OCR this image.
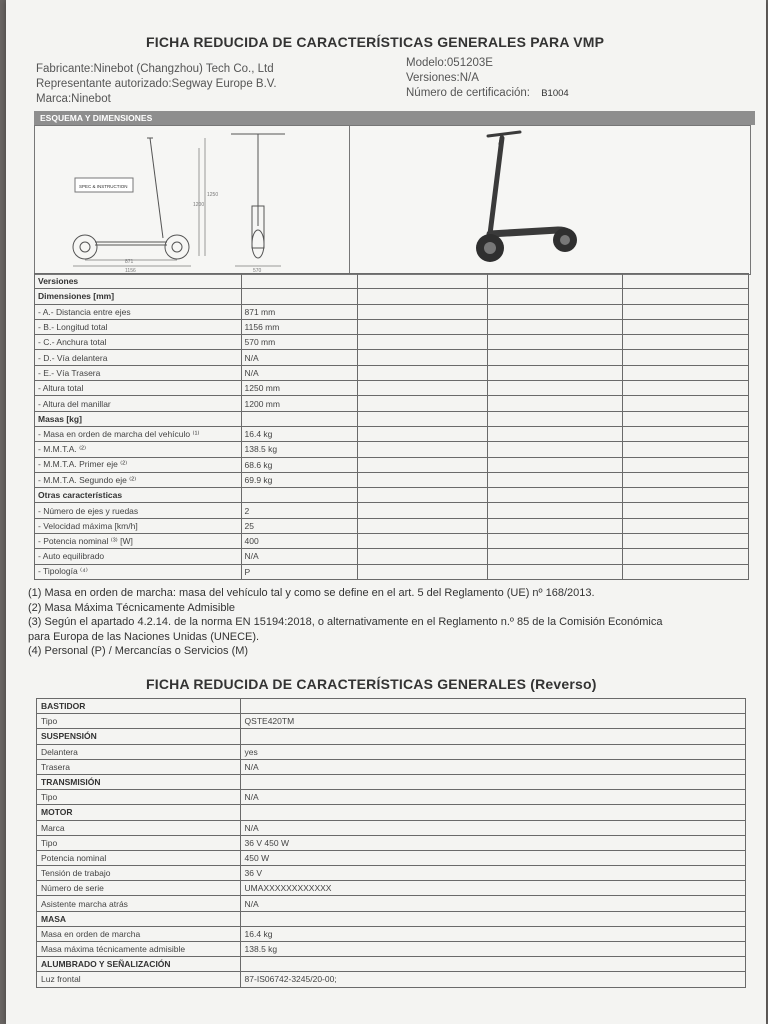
FICHA REDUCIDA DE CARACTERÍSTICAS GENERALES PARA VMP
Fabricante:Ninebot (Changzhou) Tech Co., Ltd
Representante autorizado:Segway Europe B.V.
Marca:Ninebot
Modelo:051203E
Versiones:N/A
Número de certificación: B1004
ESQUEMA Y DIMENSIONES
SPEC & INSTRUCTION
871
1156	570
1250
1200
Versiones				
Dimensiones [mm]				
- A.- Distancia entre ejes	871 mm			
- B.- Longitud total	1156 mm			
- C.- Anchura total	570 mm			
- D.- Vía delantera	N/A			
- E.- Vía Trasera	N/A			
- Altura total	1250 mm			
- Altura del manillar	1200 mm			
Masas [kg]				
- Masa en orden de marcha del vehículo ⁽¹⁾	16.4 kg			
- M.M.T.A. ⁽²⁾	138.5 kg			
- M.M.T.A. Primer eje ⁽²⁾	68.6 kg			
- M.M.T.A. Segundo eje ⁽²⁾	69.9 kg			
Otras características				
- Número de ejes y ruedas	2			
- Velocidad máxima [km/h]	25			
- Potencia nominal ⁽³⁾ [W]	400			
- Auto equilibrado	N/A			
- Tipología ⁽⁴⁾	P			
(1) Masa en orden de marcha: masa del vehículo tal y como se define en el art. 5 del Reglamento (UE) nº 168/2013.
(2) Masa Máxima Técnicamente Admisible
(3) Según el apartado 4.2.14. de la norma EN 15194:2018, o alternativamente en el Reglamento n.º 85 de la Comisión Económica
para Europa de las Naciones Unidas (UNECE).
(4) Personal (P) / Mercancías o Servicios (M)
FICHA REDUCIDA DE CARACTERÍSTICAS GENERALES (Reverso)
BASTIDOR	
Tipo	QSTE420TM
SUSPENSIÓN	
Delantera	yes
Trasera	N/A
TRANSMISIÓN	
Tipo	N/A
MOTOR	
Marca	N/A
Tipo	36 V 450 W
Potencia nominal	450 W
Tensión de trabajo	36 V
Número de serie	UMAXXXXXXXXXXXX
Asistente marcha atrás	N/A
MASA	
Masa en orden de marcha	16.4 kg
Masa máxima técnicamente admisible	138.5 kg
ALUMBRADO Y SEÑALIZACIÓN	
Luz frontal	87-IS06742-3245/20-00;
